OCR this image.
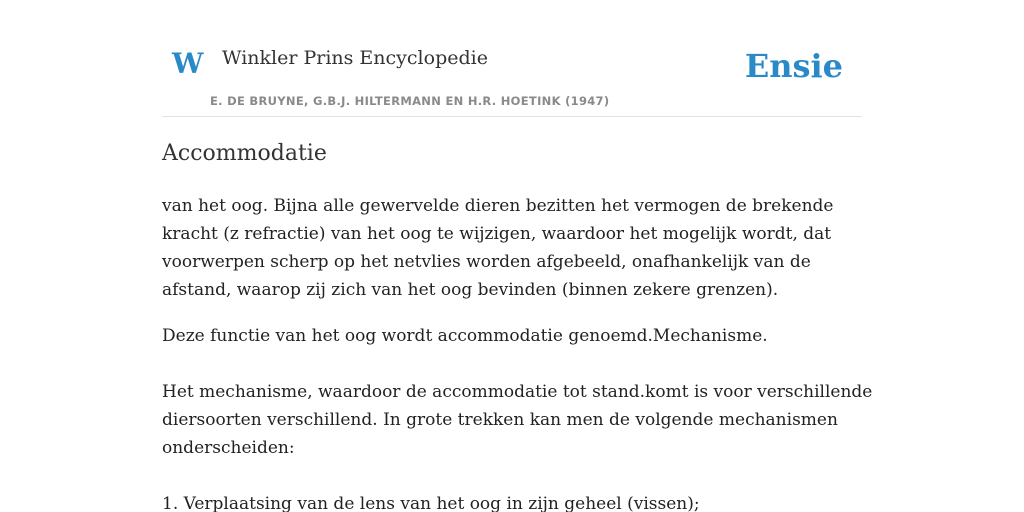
W Winkler Prins Encyclopedie
E. DE BRUYNE, G.B.J. HILTERMANN EN H.R. HOETINK (1947)
Ensie
Accommodatie

van het oog. Bijna alle gewervelde dieren bezitten het vermogen de brekende
kracht (z refractie) van het oog te wijzigen, waardoor het mogelijk wordt, dat
voorwerpen scherp op het netvlies worden afgebeeld, onafhankelijk van de
afstand, waarop zij zich van het oog bevinden (binnen zekere grenzen).

Deze functie van het oog wordt accommodatie genoemd.Mechanisme.

Het mechanisme, waardoor de accommodatie tot stand.komt is voor verschillende
diersoorten verschillend. In grote trekken kan men de volgende mechanismen
onderscheiden:

1. Verplaatsing van de lens van het oog in zijn geheel (vissen);
